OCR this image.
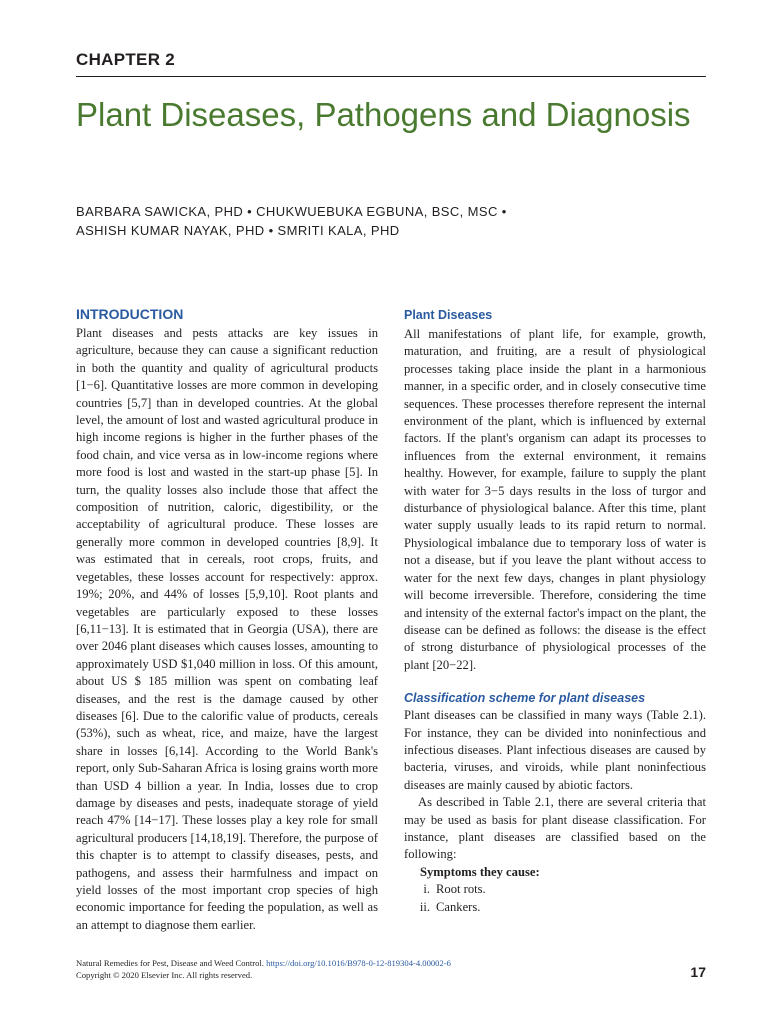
CHAPTER 2
Plant Diseases, Pathogens and Diagnosis
BARBARA SAWICKA, PHD • CHUKWUEBUKA EGBUNA, BSC, MSC •
ASHISH KUMAR NAYAK, PHD • SMRITI KALA, PHD
INTRODUCTION

Plant diseases and pests attacks are key issues in agriculture, because they can cause a significant reduction in both the quantity and quality of agricultural products [1−6]. Quantitative losses are more common in developing countries [5,7] than in developed countries. At the global level, the amount of lost and wasted agricultural produce in high income regions is higher in the further phases of the food chain, and vice versa as in low-income regions where more food is lost and wasted in the start-up phase [5]. In turn, the quality losses also include those that affect the composition of nutrition, caloric, digestibility, or the acceptability of agricultural produce. These losses are generally more common in developed countries [8,9]. It was estimated that in cereals, root crops, fruits, and vegetables, these losses account for respectively: approx. 19%; 20%, and 44% of losses [5,9,10]. Root plants and vegetables are particularly exposed to these losses [6,11−13]. It is estimated that in Georgia (USA), there are over 2046 plant diseases which causes losses, amounting to approximately USD $1,040 million in loss. Of this amount, about US $ 185 million was spent on combating leaf diseases, and the rest is the damage caused by other diseases [6]. Due to the calorific value of products, cereals (53%), such as wheat, rice, and maize, have the largest share in losses [6,14]. According to the World Bank's report, only Sub-Saharan Africa is losing grains worth more than USD 4 billion a year. In India, losses due to crop damage by diseases and pests, inadequate storage of yield reach 47% [14−17]. These losses play a key role for small agricultural producers [14,18,19]. Therefore, the purpose of this chapter is to attempt to classify diseases, pests, and pathogens, and assess their harmfulness and impact on yield losses of the most important crop species of high economic importance for feeding the population, as well as an attempt to diagnose them earlier.

Plant Diseases

All manifestations of plant life, for example, growth, maturation, and fruiting, are a result of physiological processes taking place inside the plant in a harmonious manner, in a specific order, and in closely consecutive time sequences. These processes therefore represent the internal environment of the plant, which is influenced by external factors. If the plant's organism can adapt its processes to influences from the external environment, it remains healthy. However, for example, failure to supply the plant with water for 3−5 days results in the loss of turgor and disturbance of physiological balance. After this time, plant water supply usually leads to its rapid return to normal. Physiological imbalance due to temporary loss of water is not a disease, but if you leave the plant without access to water for the next few days, changes in plant physiology will become irreversible. Therefore, considering the time and intensity of the external factor's impact on the plant, the disease can be defined as follows: the disease is the effect of strong disturbance of physiological processes of the plant [20−22].

Classification scheme for plant diseases

Plant diseases can be classified in many ways (Table 2.1). For instance, they can be divided into noninfectious and infectious diseases. Plant infectious diseases are caused by bacteria, viruses, and viroids, while plant noninfectious diseases are mainly caused by abiotic factors.

As described in Table 2.1, there are several criteria that may be used as basis for plant disease classification. For instance, plant diseases are classified based on the following:

Symptoms they cause:

i. Root rots.
ii. Cankers.
Natural Remedies for Pest, Disease and Weed Control. https://doi.org/10.1016/B978-0-12-819304-4.00002-6
Copyright © 2020 Elsevier Inc. All rights reserved.	17
